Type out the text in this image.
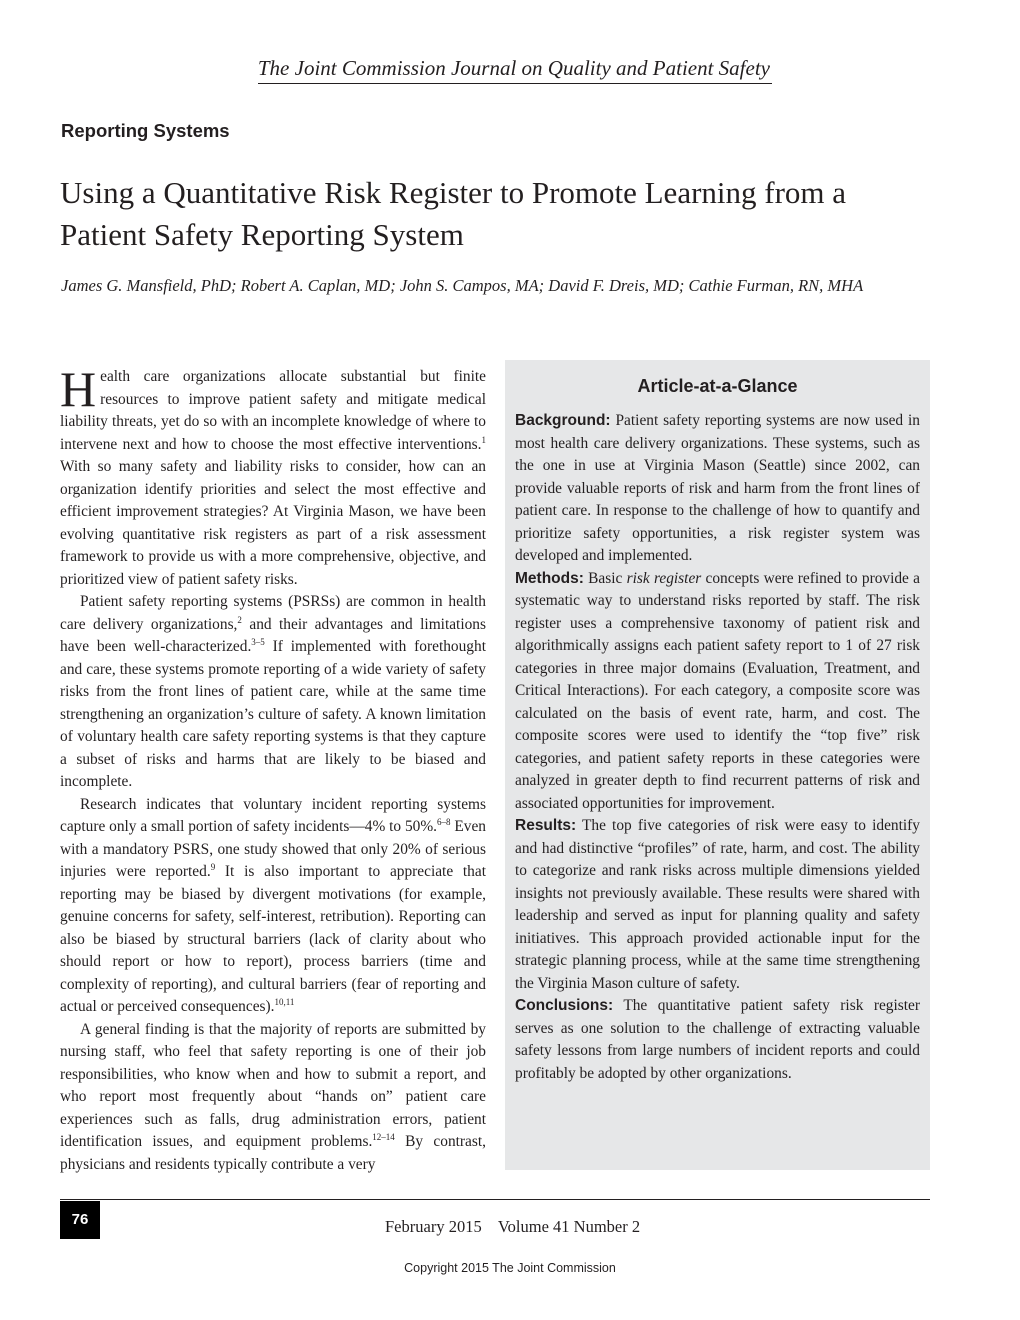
The Joint Commission Journal on Quality and Patient Safety
Reporting Systems
Using a Quantitative Risk Register to Promote Learning from a Patient Safety Reporting System
James G. Mansfield, PhD; Robert A. Caplan, MD; John S. Campos, MA; David F. Dreis, MD; Cathie Furman, RN, MHA

Health care organizations allocate substantial but finite resources to improve patient safety and mitigate medical liability threats, yet do so with an incomplete knowledge of where to intervene next and how to choose the most effective interventions.$^1$ With so many safety and liability risks to consider, how can an organization identify priorities and select the most effective and efficient improvement strategies? At Virginia Mason, we have been evolving quantitative risk registers as part of a risk assessment framework to provide us with a more comprehensive, objective, and prioritized view of patient safety risks.

Patient safety reporting systems (PSRSs) are common in health care delivery organizations,$^2$ and their advantages and limitations have been well-characterized.$^{3-5}$ If implemented with forethought and care, these systems promote reporting of a wide variety of safety risks from the front lines of patient care, while at the same time strengthening an organization’s culture of safety. A known limitation of voluntary health care safety reporting systems is that they capture a subset of risks and harms that are likely to be biased and incomplete.

Research indicates that voluntary incident reporting systems capture only a small portion of safety incidents—4% to 50%.$^{6-8}$ Even with a mandatory PSRS, one study showed that only 20% of serious injuries were reported.$^9$ It is also important to appreciate that reporting may be biased by divergent motivations (for example, genuine concerns for safety, self-interest, retribution). Reporting can also be biased by structural barriers (lack of clarity about who should report or how to report), process barriers (time and complexity of reporting), and cultural barriers (fear of reporting and actual or perceived consequences).$^{10,11}$

A general finding is that the majority of reports are submitted by nursing staff, who feel that safety reporting is one of their job responsibilities, who know when and how to submit a report, and who report most frequently about “hands on” patient care experiences such as falls, drug administration errors, patient identification issues, and equipment problems.$^{12-14}$ By contrast, physicians and residents typically contribute a very

Article-at-a-Glance

Background: Patient safety reporting systems are now used in most health care delivery organizations. These systems, such as the one in use at Virginia Mason (Seattle) since 2002, can provide valuable reports of risk and harm from the front lines of patient care. In response to the challenge of how to quantify and prioritize safety opportunities, a risk register system was developed and implemented.

Methods: Basic risk register concepts were refined to provide a systematic way to understand risks reported by staff. The risk register uses a comprehensive taxonomy of patient risk and algorithmically assigns each patient safety report to 1 of 27 risk categories in three major domains (Evaluation, Treatment, and Critical Interactions). For each category, a composite score was calculated on the basis of event rate, harm, and cost. The composite scores were used to identify the “top five” risk categories, and patient safety reports in these categories were analyzed in greater depth to find recurrent patterns of risk and associated opportunities for improvement.

Results: The top five categories of risk were easy to identify and had distinctive “profiles” of rate, harm, and cost. The ability to categorize and rank risks across multiple dimensions yielded insights not previously available. These results were shared with leadership and served as input for planning quality and safety initiatives. This approach provided actionable input for the strategic planning process, while at the same time strengthening the Virginia Mason culture of safety.

Conclusions: The quantitative patient safety risk register serves as one solution to the challenge of extracting valuable safety lessons from large numbers of incident reports and could profitably be adopted by other organizations.

76	February 2015    Volume 41 Number 2
Copyright 2015 The Joint Commission
